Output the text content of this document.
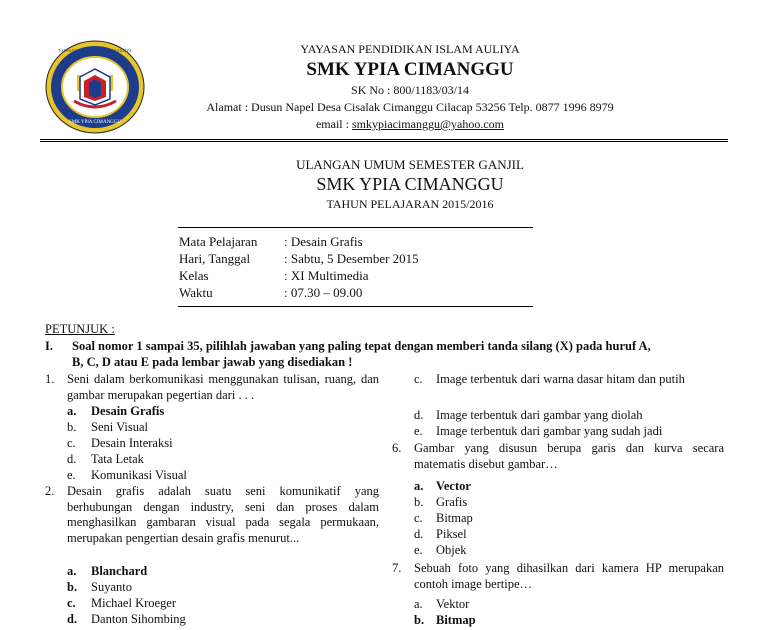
YAYASAN PENDIDIKAN ISLAM AULIYA
SMK YPIA CIMANGGU
YAYASAN PENDIDIKAN ISLAM AULIYA
SMK YPIA CIMANGGU
SK No : 800/1183/03/14
Alamat : Dusun Napel Desa Cisalak Cimanggu Cilacap 53256 Telp. 0877 1996 8979
email : smkypiacimanggu@yahoo.com
ULANGAN UMUM SEMESTER GANJIL
SMK YPIA CIMANGGU
TAHUN PELAJARAN 2015/2016
Mata Pelajaran : Desain Grafis
Hari, Tanggal	: Sabtu, 5 Desember 2015
Kelas	: XI Multimedia
Waktu	: 07.30 – 09.00
PETUNJUK :
I. Soal nomor 1 sampai 35, pilihlah jawaban yang paling tepat dengan memberi tanda silang (X) pada huruf A,
B, C, D atau E pada lembar jawab yang disediakan !
1. Seni dalam berkomunikasi menggunakan tulisan, ruang, dan gambar merupakan pegertian dari . . .
a. Desain Grafis
b. Seni Visual
c. Desain Interaksi
d. Tata Letak
e. Komunikasi Visual
2. Desain grafis adalah suatu seni komunikatif yang berhubungan dengan industry, seni dan proses dalam menghasilkan gambaran visual pada segala permukaan, merupakan pengertian desain grafis menurut...
a. Blanchard
b. Suyanto
c. Michael Kroeger
d. Danton Sihombing
c. Image terbentuk dari warna dasar hitam dan putih
d. Image terbentuk dari gambar yang diolah
e. Image terbentuk dari gambar yang sudah jadi
6. Gambar yang disusun berupa garis dan kurva secara matematis disebut gambar…
a. Vector
b. Grafis
c. Bitmap
d. Piksel
e. Objek
7. Sebuah foto yang dihasilkan dari kamera HP merupakan contoh image bertipe…
a. Vektor
b. Bitmap
